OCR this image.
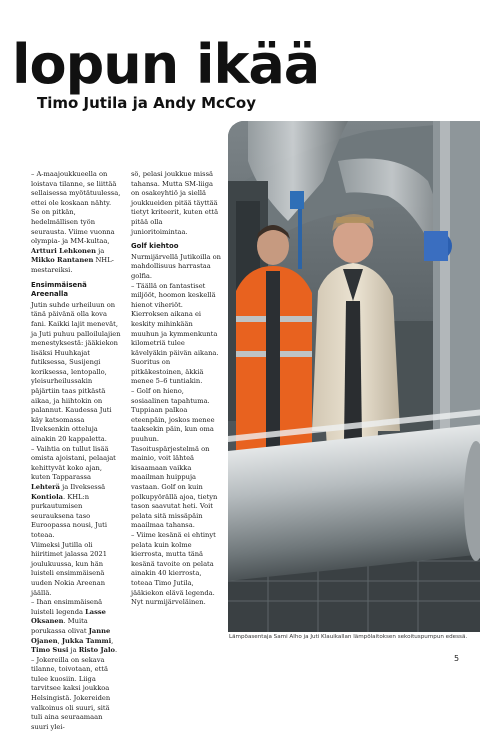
lopun ikää
Timo Jutila ja Andy McCoy

– A-maajoukkueella on loistava tilanne, se liittää sellaisessa myötätuulessa, ettei ole koskaan nähty. Se on pitkän, hedelmällisen työn seurausta. Viime vuonna olympia- ja MM-kultaa, Artturi Lehkonen ja Mikko Rantanen NHL-mestareiksi.

Ensimmäisenä Areenalla

Jutin suhde urheiluun on tänä päivänä olla kova fani. Kaikki lajit menevät, ja Juti puhuu palloilulajien menestyksestä: jääkiekon lisäksi Huuhkajat futiksessa, Susijengi koriksessa, lentopallo, yleisurheilussakin päjärtiin taas pitkästä aikaa, ja hiihtokin on palannut. Kaudessa Juti käy katsomassa Ilveksenkin otteluja ainakin 20 kappaletta.

– Vaihtia on tullut lisää omista ajoistani, pelaajat kehittyvät koko ajan, kuten Tapparassa Lehterä ja Ilveksessä Kontiola. KHL:n purkautumisen seurauksena taso Euroopassa nousi, Juti toteaa.

Viimeksi Jutilla oli hiiritimet jalassa 2021 joulukuussa, kun hän luisteli ensimmäisenä uuden Nokia Areenan jäällä.

– Ihan ensimmäisenä luisteli legenda Lasse Oksanen. Muita porukassa olivat Janne Ojanen, Jukka Tammi, Timo Susi ja Risto Jalo.

– Jokereilla on sekava tilanne, toivotaan, että tulee kuosiin. Liiga tarvitsee kaksi joukkoa Helsingistä. Jokereiden valkoinus oli suuri, sitä tuli aina seuraamaan suuri ylei-

sö, pelasi joukkue missä tahansa. Mutta SM-liiga on osakeyhtiö ja siellä joukkueiden pitää täyttää tietyt kriteerit, kuten että pitää olla junioritoimintaa.

Golf kiehtoo

Nurmijärvellä Jutikoilla on mahdollisuus harrastaa golfia.

– Täällä on fantastiset miljööt, hoomon keskellä hienot viheriöt. Kierroksen aikana ei keskity mihinkään muuhun ja kymmenkunta kilometriä tulee kävelyäkin päivän aikana. Suoritus on pitkäkestoinen, äkkiä menee 5–6 tuntiakin.

– Golf on hieno, sosiaalinen tapahtuma. Tuppiaan palkoa eteenpäin, joskos menee taaksekin päin, kun oma puuhun. Tasoituspärjestelmä on mainio, voit lähteä kisaamaan vaikka maailman huippuja vastaan. Golf on kuin polkupyörällä ajoa, tietyn tason saavutat heti. Voit pelata sitä missäpäin maailmaa tahansa.

– Viime kesänä ei ehtinyt pelata kuin kolme kierrosta, mutta tänä kesänä tavoite on pelata ainakin 40 kierrosta, toteaa Timo Jutila, jääkiekon elävä legenda. Nyt nurmijärveläinen.

Lämpöasentaja Sami Alho ja Juti Klauikallan lämpölaitoksen sekoituspumpun edessä.

5
